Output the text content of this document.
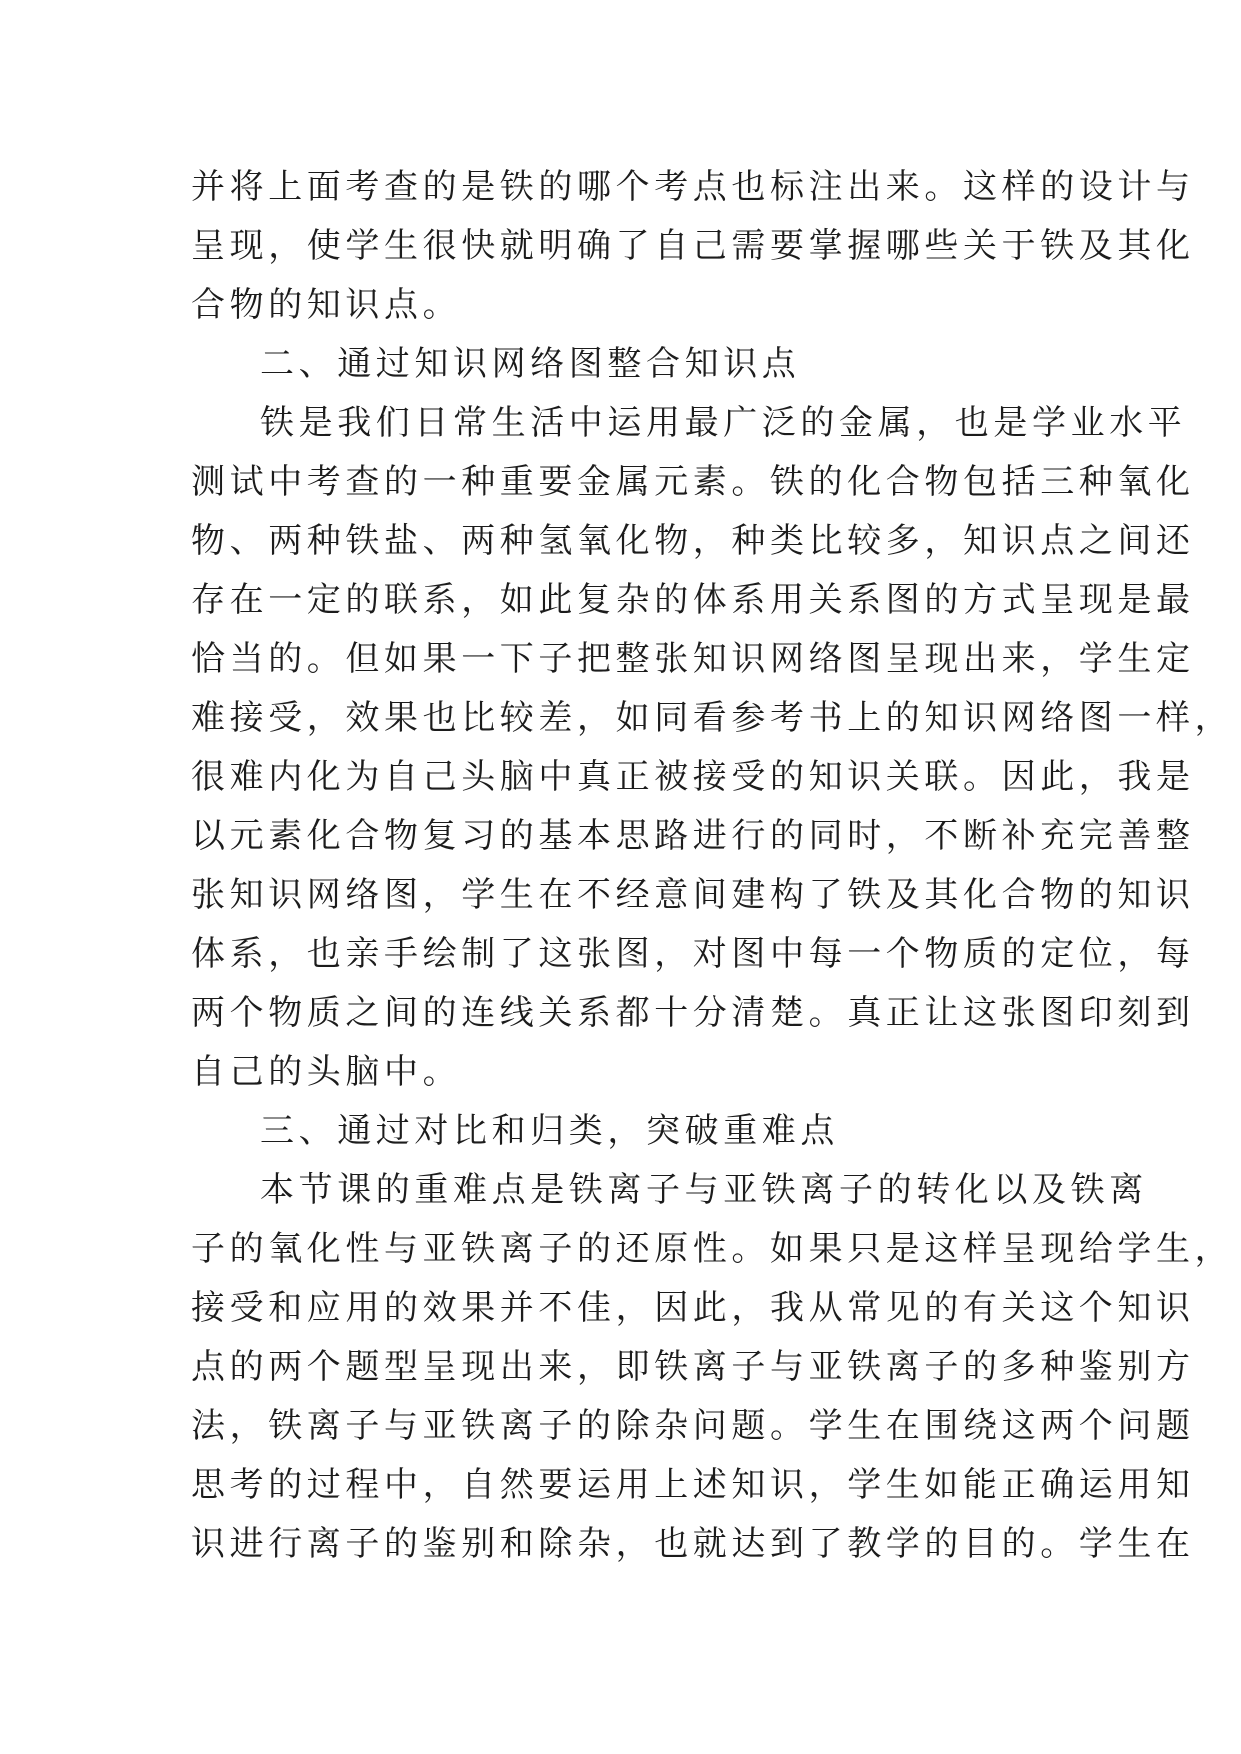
并将上面考查的是铁的哪个考点也标注出来。这样的设计与
呈现，使学生很快就明确了自己需要掌握哪些关于铁及其化
合物的知识点。
二、通过知识网络图整合知识点
铁是我们日常生活中运用最广泛的金属，也是学业水平
测试中考查的一种重要金属元素。铁的化合物包括三种氧化
物、两种铁盐、两种氢氧化物，种类比较多，知识点之间还
存在一定的联系，如此复杂的体系用关系图的方式呈现是最
恰当的。但如果一下子把整张知识网络图呈现出来，学生定
难接受，效果也比较差，如同看参考书上的知识网络图一样，
很难内化为自己头脑中真正被接受的知识关联。因此，我是
以元素化合物复习的基本思路进行的同时，不断补充完善整
张知识网络图，学生在不经意间建构了铁及其化合物的知识
体系，也亲手绘制了这张图，对图中每一个物质的定位，每
两个物质之间的连线关系都十分清楚。真正让这张图印刻到
自己的头脑中。
三、通过对比和归类，突破重难点
本节课的重难点是铁离子与亚铁离子的转化以及铁离
子的氧化性与亚铁离子的还原性。如果只是这样呈现给学生，
接受和应用的效果并不佳，因此，我从常见的有关这个知识
点的两个题型呈现出来，即铁离子与亚铁离子的多种鉴别方
法，铁离子与亚铁离子的除杂问题。学生在围绕这两个问题
思考的过程中，自然要运用上述知识，学生如能正确运用知
识进行离子的鉴别和除杂，也就达到了教学的目的。学生在
